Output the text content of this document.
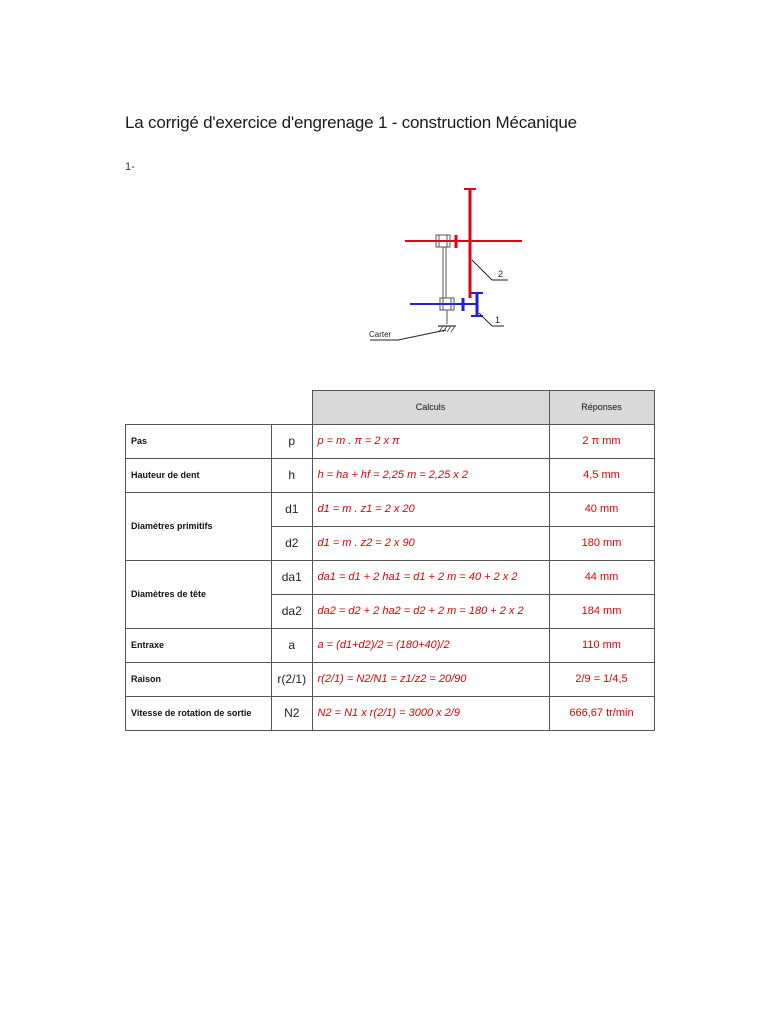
La corrigé d'exercice d'engrenage 1 - construction Mécanique
1-
2
1
Carter
		Calculs	Réponses
Pas	p	p = m . π = 2 x π	2 π mm
Hauteur de dent	h	h = ha + hf = 2,25 m = 2,25 x 2	4,5 mm
Diamètres primitifs	d1	d1 = m . z1 = 2 x 20	40 mm
	d2	d1 = m . z2 = 2 x 90	180 mm
Diamètres de tête	da1	da1 = d1 + 2 ha1 = d1 + 2 m = 40 + 2 x 2	44 mm
	da2	da2 = d2 + 2 ha2 = d2 + 2 m = 180 + 2 x 2	184 mm
Entraxe	a	a = (d1+d2)/2 = (180+40)/2	110 mm
Raison	r(2/1)	r(2/1) = N2/N1 = z1/z2 = 20/90	2/9 = 1/4,5
Vitesse de rotation de sortie	N2	N2 = N1 x r(2/1) = 3000 x 2/9	666,67 tr/min
